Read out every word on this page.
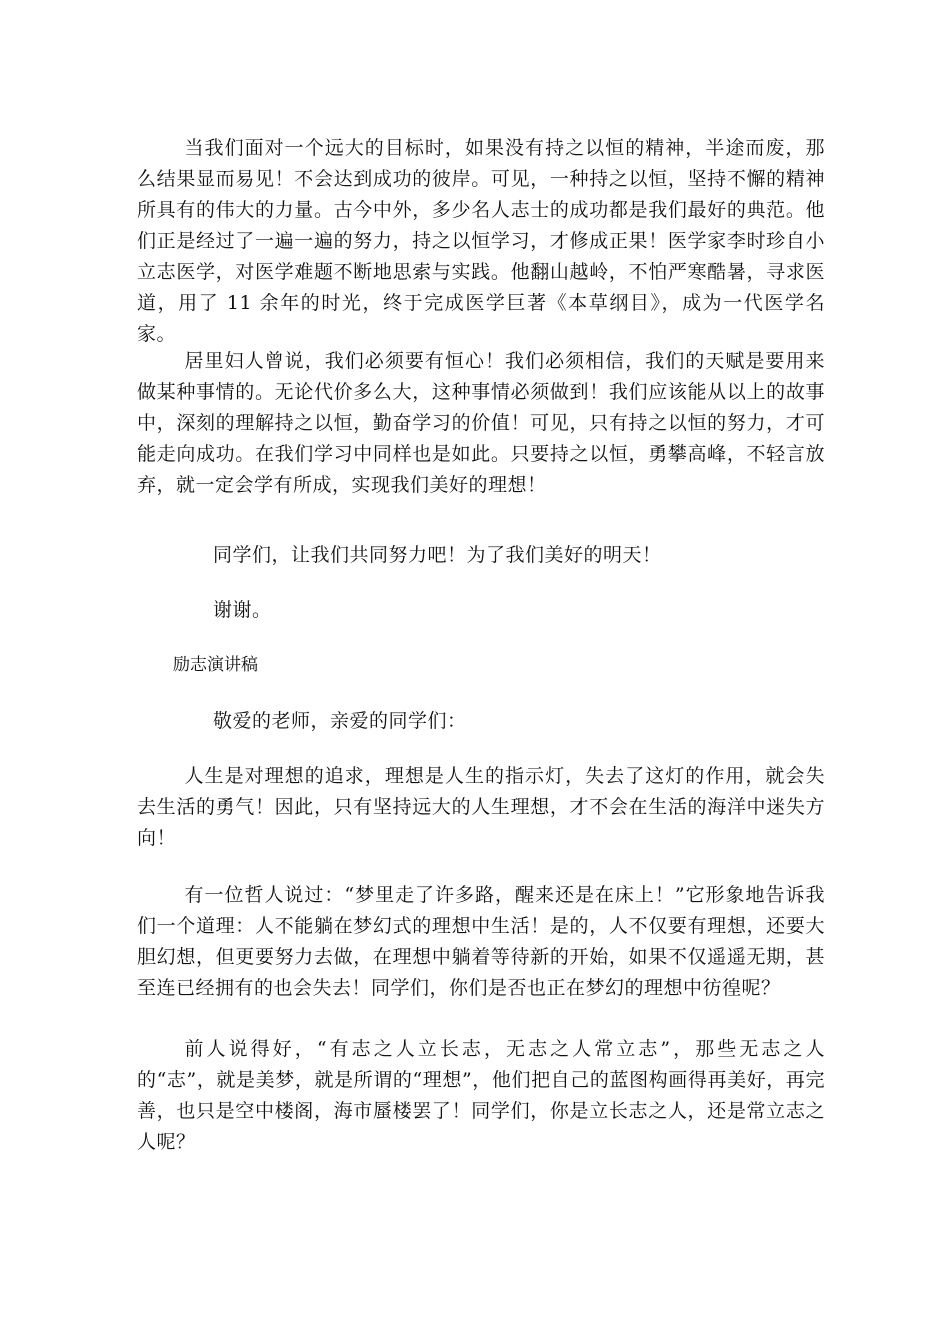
当我们面对一个远大的目标时，如果没有持之以恒的精神，半途而废，那么结果显而易见！不会达到成功的彼岸。可见，一种持之以恒，坚持不懈的精神所具有的伟大的力量。古今中外，多少名人志士的成功都是我们最好的典范。他们正是经过了一遍一遍的努力，持之以恒学习，才修成正果！医学家李时珍自小立志医学，对医学难题不断地思索与实践。他翻山越岭，不怕严寒酷暑，寻求医道，用了 11 余年的时光，终于完成医学巨著《本草纲目》，成为一代医学名家。

居里妇人曾说，我们必须要有恒心！我们必须相信，我们的天赋是要用来做某种事情的。无论代价多么大，这种事情必须做到！我们应该能从以上的故事中，深刻的理解持之以恒，勤奋学习的价值！可见，只有持之以恒的努力，才可能走向成功。在我们学习中同样也是如此。只要持之以恒，勇攀高峰，不轻言放弃，就一定会学有所成，实现我们美好的理想！

同学们，让我们共同努力吧！为了我们美好的明天！

谢谢。

励志演讲稿

敬爱的老师，亲爱的同学们：

人生是对理想的追求，理想是人生的指示灯，失去了这灯的作用，就会失去生活的勇气！因此，只有坚持远大的人生理想，才不会在生活的海洋中迷失方向！

有一位哲人说过：“梦里走了许多路，醒来还是在床上！”它形象地告诉我们一个道理：人不能躺在梦幻式的理想中生活！是的，人不仅要有理想，还要大胆幻想，但更要努力去做，在理想中躺着等待新的开始，如果不仅遥遥无期，甚至连已经拥有的也会失去！同学们，你们是否也正在梦幻的理想中彷徨呢？

前人说得好，“有志之人立长志，无志之人常立志”，那些无志之人的“志”，就是美梦，就是所谓的“理想”，他们把自己的蓝图构画得再美好，再完善，也只是空中楼阁，海市蜃楼罢了！同学们，你是立长志之人，还是常立志之人呢？
